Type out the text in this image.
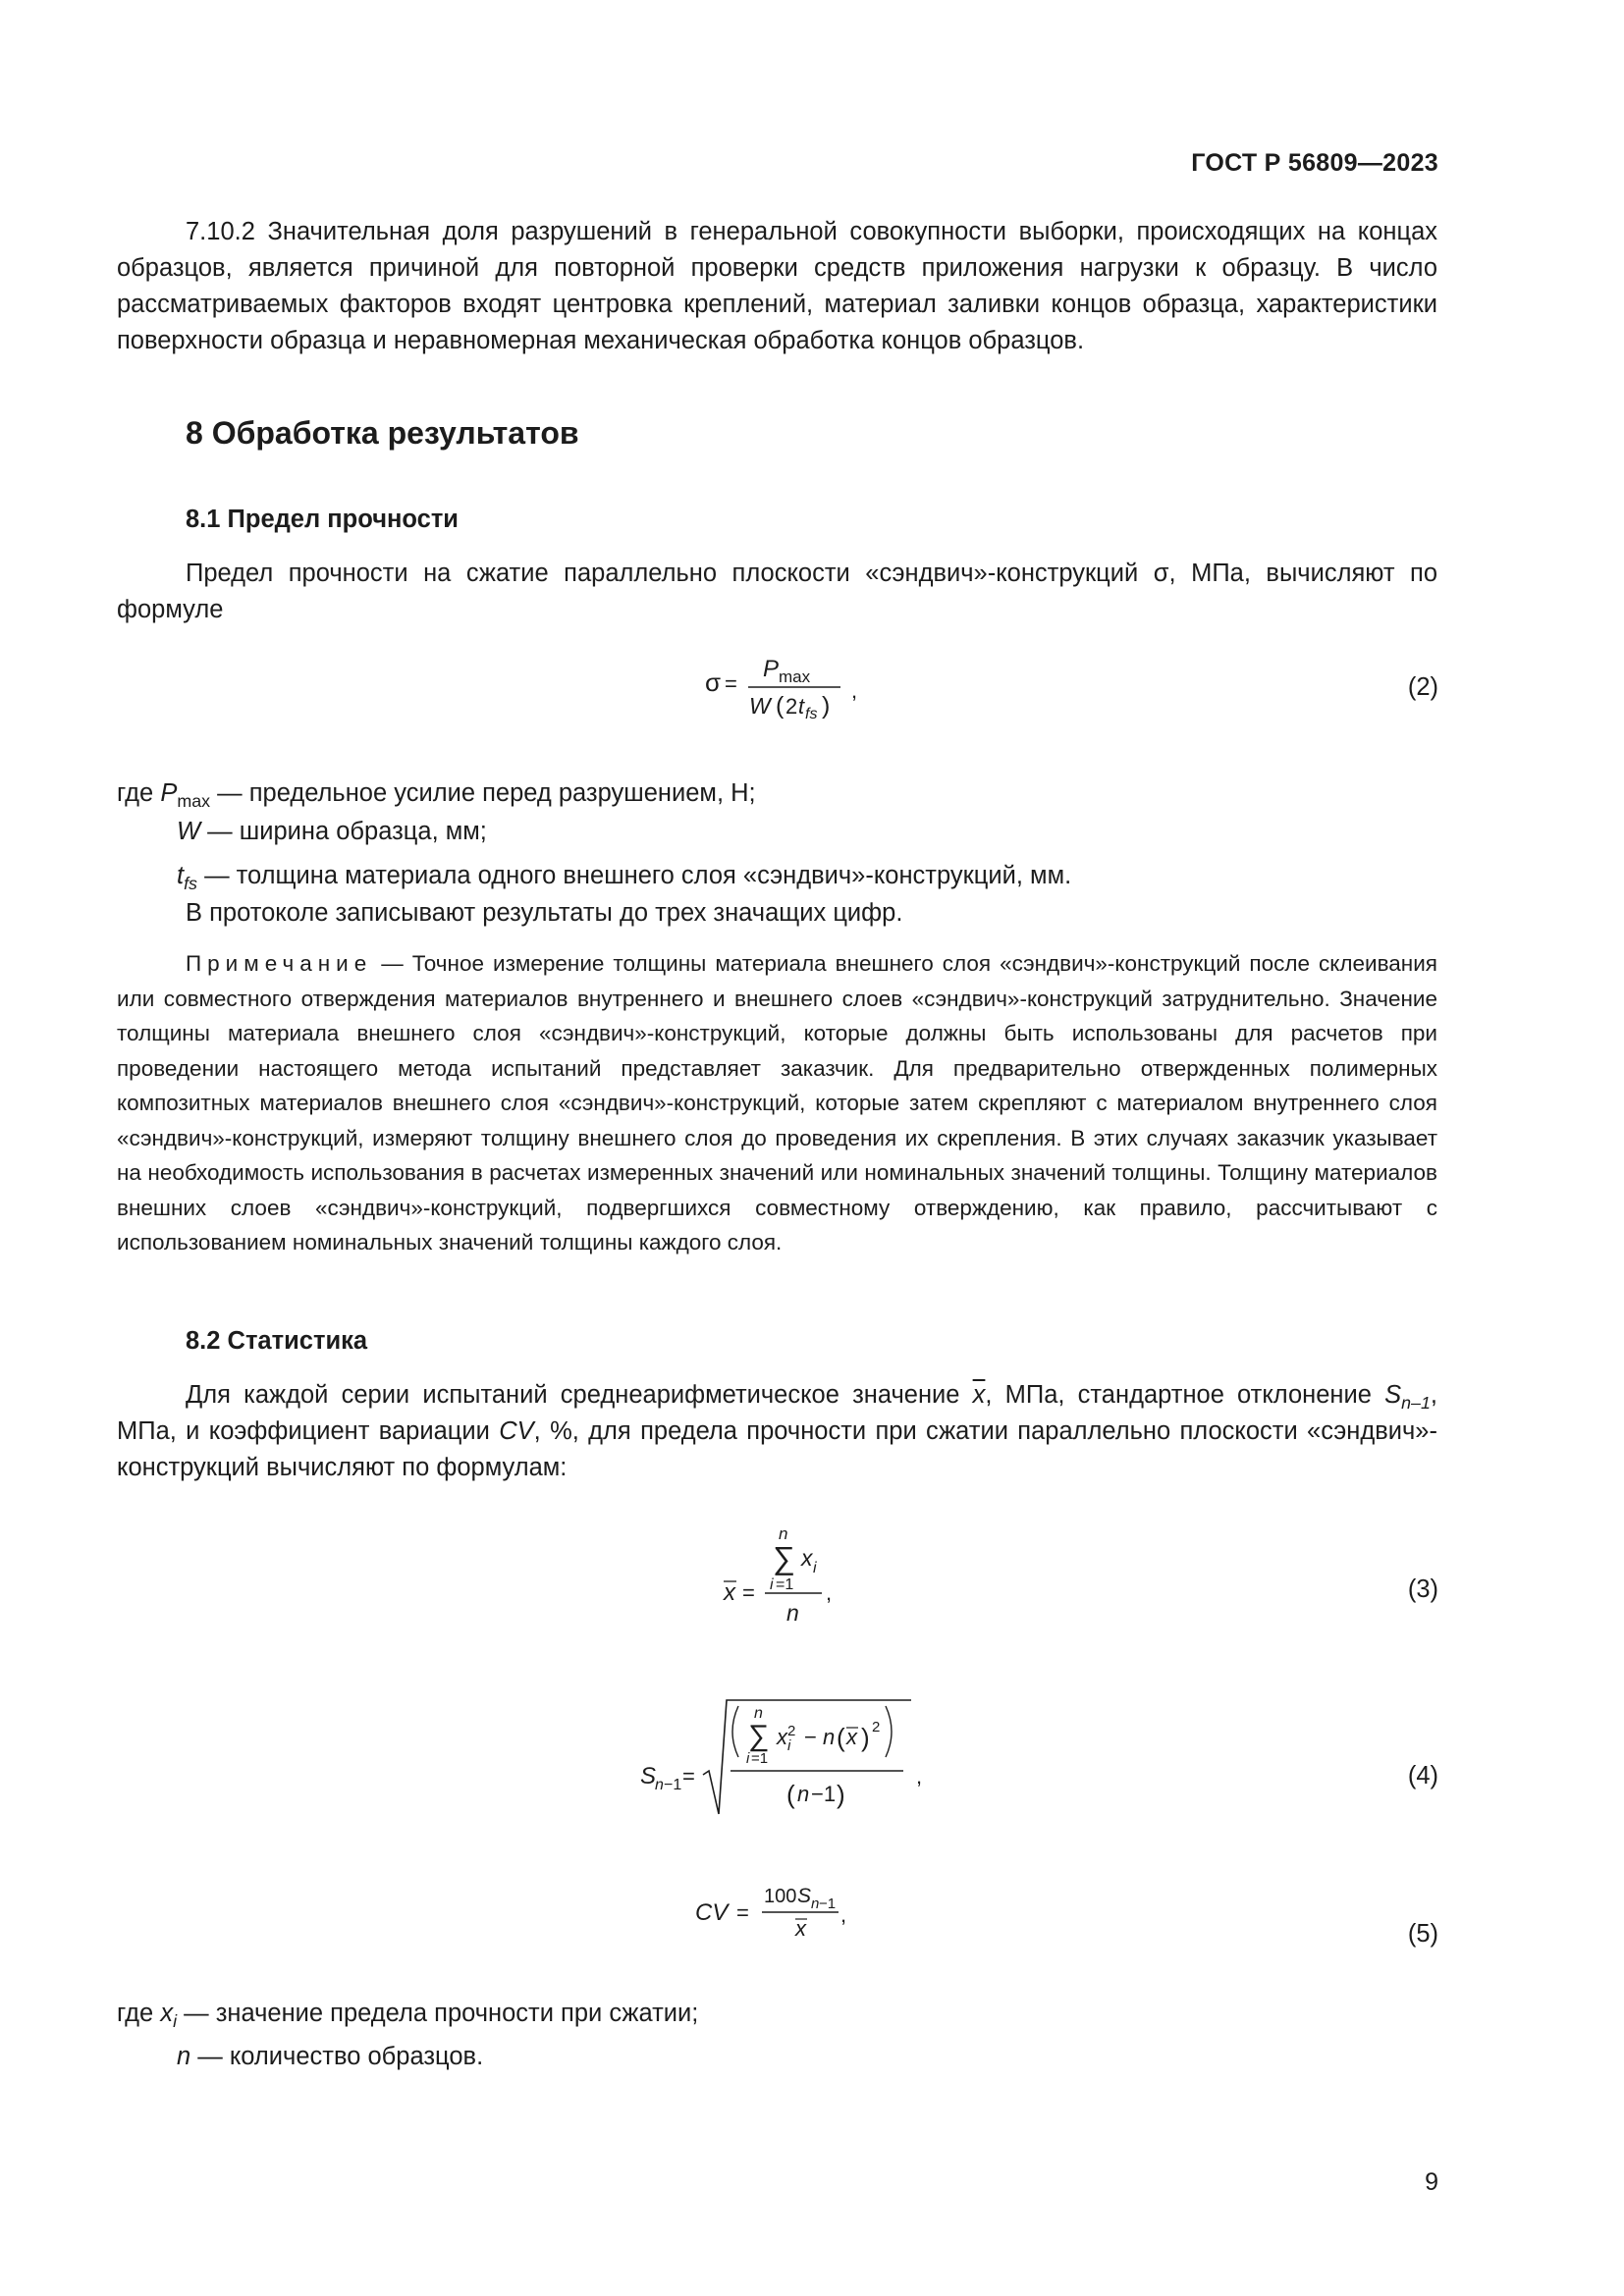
ГОСТ Р 56809—2023

7.10.2 Значительная доля разрушений в генеральной совокупности выборки, происходящих на концах образцов, является причиной для повторной проверки средств приложения нагрузки к образцу. В число рассматриваемых факторов входят центровка креплений, материал заливки концов образца, характеристики поверхности образца и неравномерная механическая обработка концов образцов.

8 Обработка результатов
8.1 Предел прочности

Предел прочности на сжатие параллельно плоскости «сэндвич»-конструкций σ, МПа, вычисляют по формуле

σ =
P max
W ( 2 t fs )
,	(2)
где $P_{max}$ — предельное усилие перед разрушением, Н;
W — ширина образца, мм;
$t_{fs}$ — толщина материала одного внешнего слоя «сэндвич»-конструкций, мм.
В протоколе записывают результаты до трех значащих цифр.

Примечание — Точное измерение толщины материала внешнего слоя «сэндвич»-конструкций после склеивания или совместного отверждения материалов внутреннего и внешнего слоев «сэндвич»-конструкций затруднительно. Значение толщины материала внешнего слоя «сэндвич»-конструкций, которые должны быть использованы для расчетов при проведении настоящего метода испытаний представляет заказчик. Для предварительно отвержденных полимерных композитных материалов внешнего слоя «сэндвич»-конструкций, которые затем скрепляют с материалом внутреннего слоя «сэндвич»-конструкций, измеряют толщину внешнего слоя до проведения их скрепления. В этих случаях заказчик указывает на необходимость использования в расчетах измеренных значений или номинальных значений толщины. Толщину материалов внешних слоев «сэндвич»-конструкций, подвергшихся совместному отверждению, как правило, рассчитывают с использованием номинальных значений толщины каждого слоя.

8.2 Статистика

Для каждой серии испытаний среднеарифметическое значение $\overline{x}$, МПа, стандартное отклонение $S_{n-1}$, МПа, и коэффициент вариации CV, %, для предела прочности при сжатии параллельно плоскости «сэндвич»-конструкций вычисляют по формулам:

n
∑ x i
i =1
x =
n
,	(3)
S
n −1 =
n
∑
i =1
x 2
i − n ( x ) 2
( n −1 )
,	(4)
CV =
100 S n −1
x
,
(5)
где $x_i$ — значение предела прочности при сжатии;
n — количество образцов.
9
